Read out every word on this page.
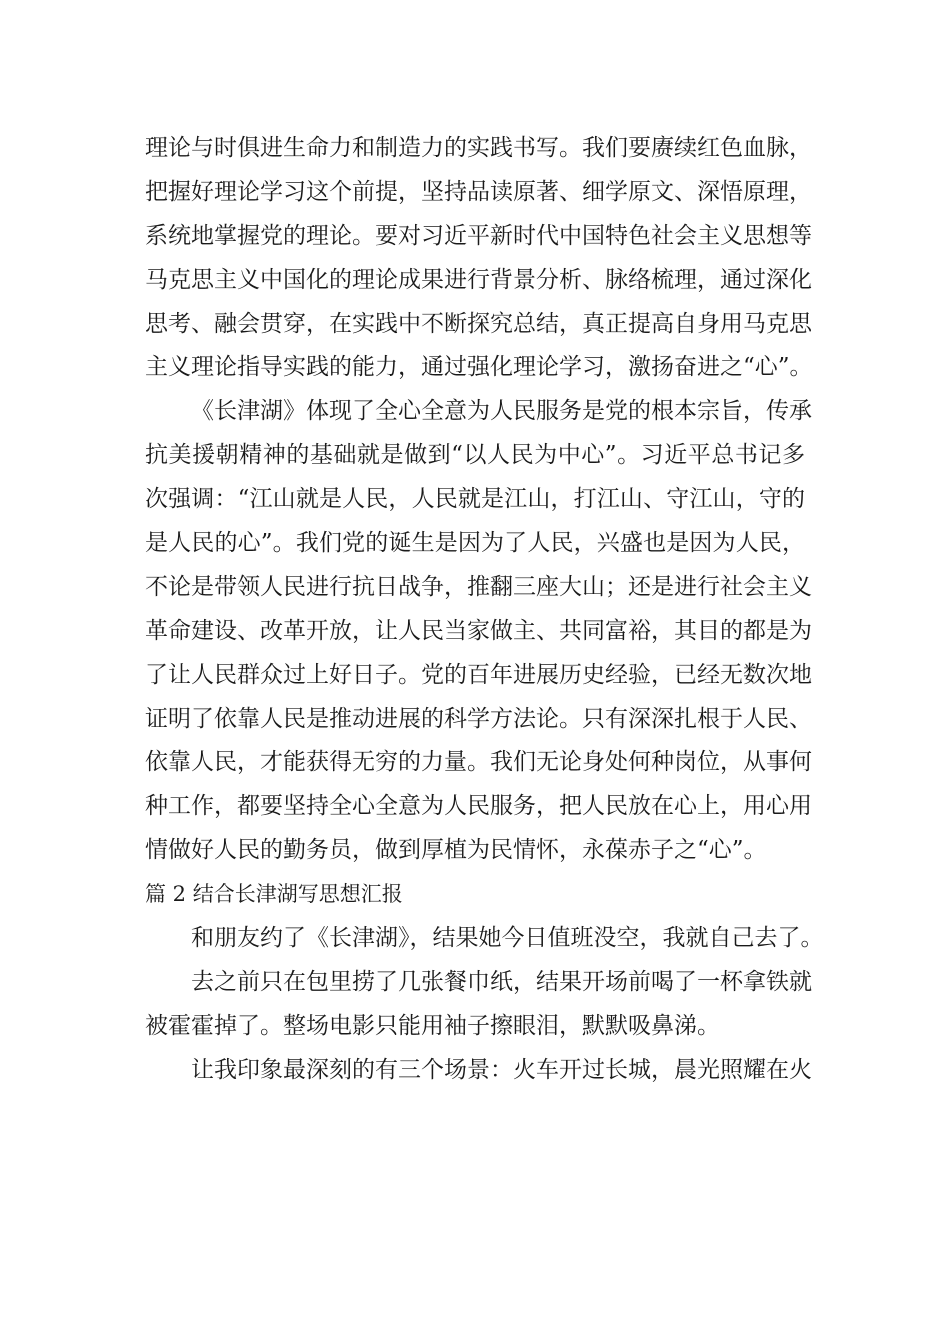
理论与时俱进生命力和制造力的实践书写。我们要赓续红色血脉，
把握好理论学习这个前提，坚持品读原著、细学原文、深悟原理，
系统地掌握党的理论。要对习近平新时代中国特色社会主义思想等
马克思主义中国化的理论成果进行背景分析、脉络梳理，通过深化
思考、融会贯穿，在实践中不断探究总结，真正提高自身用马克思
主义理论指导实践的能力，通过强化理论学习，激扬奋进之“心”。
《长津湖》体现了全心全意为人民服务是党的根本宗旨，传承
抗美援朝精神的基础就是做到“以人民为中心”。习近平总书记多
次强调：“江山就是人民，人民就是江山，打江山、守江山，守的
是人民的心”。我们党的诞生是因为了人民，兴盛也是因为人民，
不论是带领人民进行抗日战争，推翻三座大山；还是进行社会主义
革命建设、改革开放，让人民当家做主、共同富裕，其目的都是为
了让人民群众过上好日子。党的百年进展历史经验，已经无数次地
证明了依靠人民是推动进展的科学方法论。只有深深扎根于人民、
依靠人民，才能获得无穷的力量。我们无论身处何种岗位，从事何
种工作，都要坚持全心全意为人民服务，把人民放在心上，用心用
情做好人民的勤务员，做到厚植为民情怀，永葆赤子之“心”。
篇 2 结合长津湖写思想汇报
和朋友约了《长津湖》，结果她今日值班没空，我就自己去了。
去之前只在包里捞了几张餐巾纸，结果开场前喝了一杯拿铁就
被霍霍掉了。整场电影只能用袖子擦眼泪，默默吸鼻涕。
让我印象最深刻的有三个场景：火车开过长城，晨光照耀在火
